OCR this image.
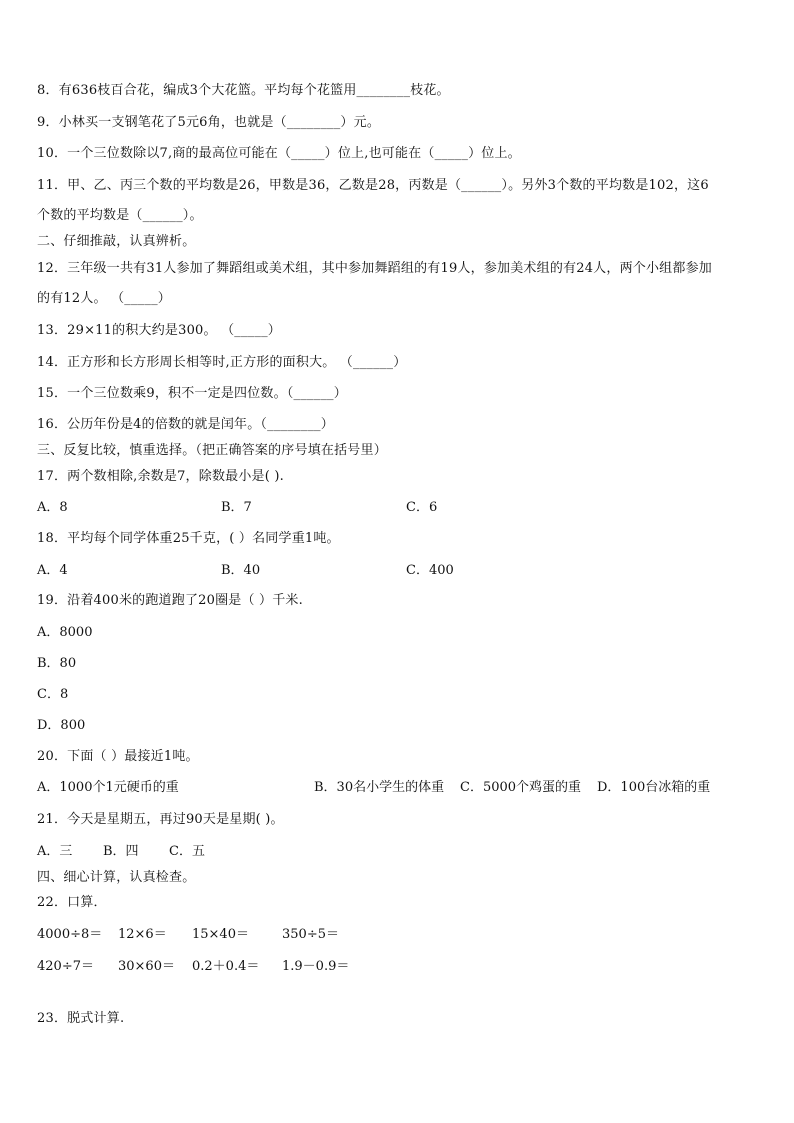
8．有636枝百合花，编成3个大花篮。平均每个花篮用________枝花。
9．小林买一支钢笔花了5元6角，也就是（________）元。
10．一个三位数除以7,商的最高位可能在（_____）位上,也可能在（_____）位上。
11．甲、乙、丙三个数的平均数是26，甲数是36，乙数是28，丙数是（______）。另外3个数的平均数是102，这6
个数的平均数是（______）。
二、仔细推敲，认真辨析。
12．三年级一共有31人参加了舞蹈组或美术组，其中参加舞蹈组的有19人，参加美术组的有24人，两个小组都参加
的有12人。 （_____）
13．29×11的积大约是300。 （_____）
14．正方形和长方形周长相等时,正方形的面积大。 （______）
15．一个三位数乘9，积不一定是四位数。（______）
16．公历年份是4的倍数的就是闰年。（________）
三、反复比较，慎重选择。（把正确答案的序号填在括号里）
17．两个数相除,余数是7，除数最小是( ).
A．8	B．7	C．6
18．平均每个同学体重25千克，( ）名同学重1吨。
A．4	B．40	C．400
19．沿着400米的跑道跑了20圈是（ ）千米.
A．8000
B．80
C．8
D．800
20．下面（ ）最接近1吨。
A．1000个1元硬币的重	B．30名小学生的体重 C．5000个鸡蛋的重 D．100台冰箱的重
21．今天是星期五，再过90天是星期( )。
A．三 B．四 C．五
四、细心计算，认真检查。
22．口算．
4000÷8＝ 12×6＝ 15×40＝	350÷5＝
420÷7＝ 30×60＝ 0.2＋0.4＝ 1.9－0.9＝
23．脱式计算.
